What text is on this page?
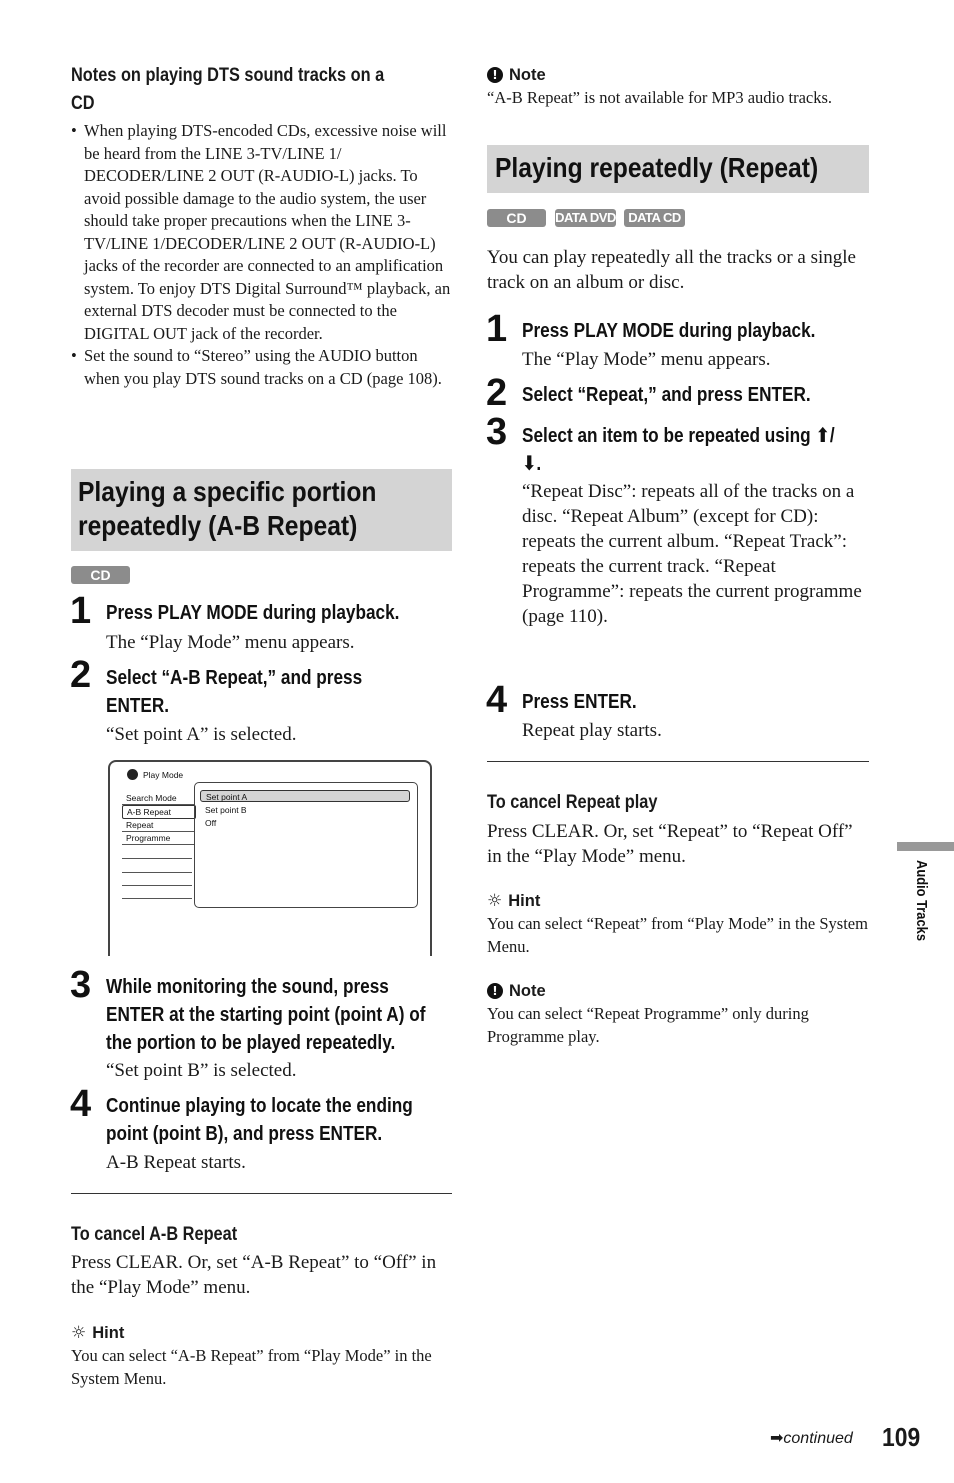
Notes on playing DTS sound tracks on a
CD
• When playing DTS-encoded CDs, excessive noise will be heard from the LINE 3-TV/LINE 1/ DECODER/LINE 2 OUT (R-AUDIO-L) jacks. To avoid possible damage to the audio system, the user should take proper precautions when the LINE 3-TV/LINE 1/DECODER/LINE 2 OUT (R-AUDIO-L) jacks of the recorder are connected to an amplification system. To enjoy DTS Digital Surround™ playback, an external DTS decoder must be connected to the DIGITAL OUT jack of the recorder.
• Set the sound to “Stereo” using the AUDIO button when you play DTS sound tracks on a CD (page 108).
Playing a specific portion
repeatedly (A-B Repeat)
CD
1 Press PLAY MODE during playback.
The “Play Mode” menu appears.
2 Select “A-B Repeat,” and press
ENTER.
“Set point A” is selected.
Play Mode
Search Mode
A-B Repeat
Repeat
Programme
Set point A
Set point B
Off
3 While monitoring the sound, press
ENTER at the starting point (point A) of
the portion to be played repeatedly.
“Set point B” is selected.
4 Continue playing to locate the ending
point (point B), and press ENTER.
A-B Repeat starts.
To cancel A-B Repeat
Press CLEAR. Or, set “A-B Repeat” to “Off” in the “Play Mode” menu.
☼ Hint
You can select “A-B Repeat” from “Play Mode” in the System Menu.
! Note
“A-B Repeat” is not available for MP3 audio tracks.
Playing repeatedly (Repeat)
CD	DATA DVD DATA CD
You can play repeatedly all the tracks or a single track on an album or disc.
1 Press PLAY MODE during playback.
The “Play Mode” menu appears.
2 Select “Repeat,” and press ENTER.
3 Select an item to be repeated using ⬆/
⬇.
“Repeat Disc”: repeats all of the tracks on a disc. “Repeat Album” (except for CD): repeats the current album. “Repeat Track”: repeats the current track. “Repeat Programme”: repeats the current programme (page 110).
4 Press ENTER.
Repeat play starts.
To cancel Repeat play
Press CLEAR. Or, set “Repeat” to “Repeat Off” in the “Play Mode” menu.
☼ Hint
You can select “Repeat” from “Play Mode” in the System Menu.
! Note
You can select “Repeat Programme” only during Programme play.
Audio Tracks
➡continued 109
